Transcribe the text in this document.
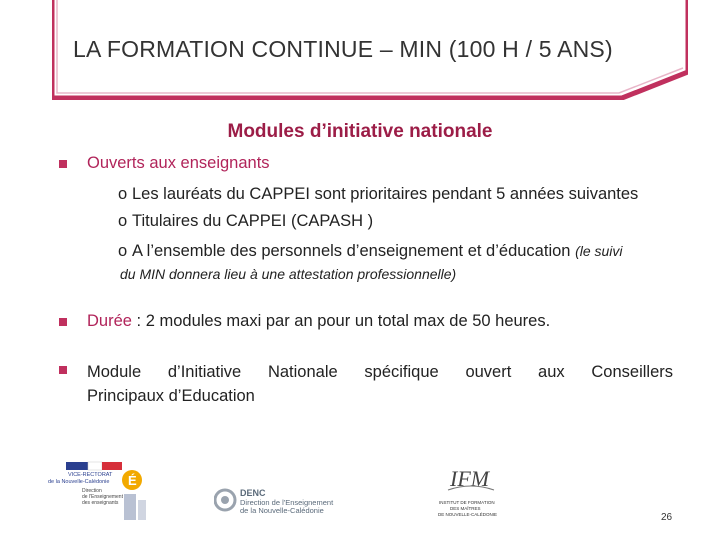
LA FORMATION CONTINUE – MIN (100 H / 5 ANS)
Modules d’initiative nationale
Ouverts aux enseignants
o Les lauréats du CAPPEI sont prioritaires pendant 5 années suivantes
o Titulaires du CAPPEI (CAPASH )
o A l’ensemble des personnels d’enseignement et d’éducation (le suivi
du MIN donnera lieu à une attestation professionnelle)
Durée : 2 modules maxi par an pour un total max de 50 heures.
Module d’Initiative Nationale spécifique ouvert aux Conseillers
Principaux d’Education
É
VICE-RECTORAT
de la Nouvelle-Calédonie
Direction
de l'Enseignement
des enseignants
DENC
Direction de l'Enseignement
de la Nouvelle-Calédonie
IFM
INSTITUT DE FORMATION
DES MAÎTRES
DE NOUVELLE-CALÉDONIE	26
